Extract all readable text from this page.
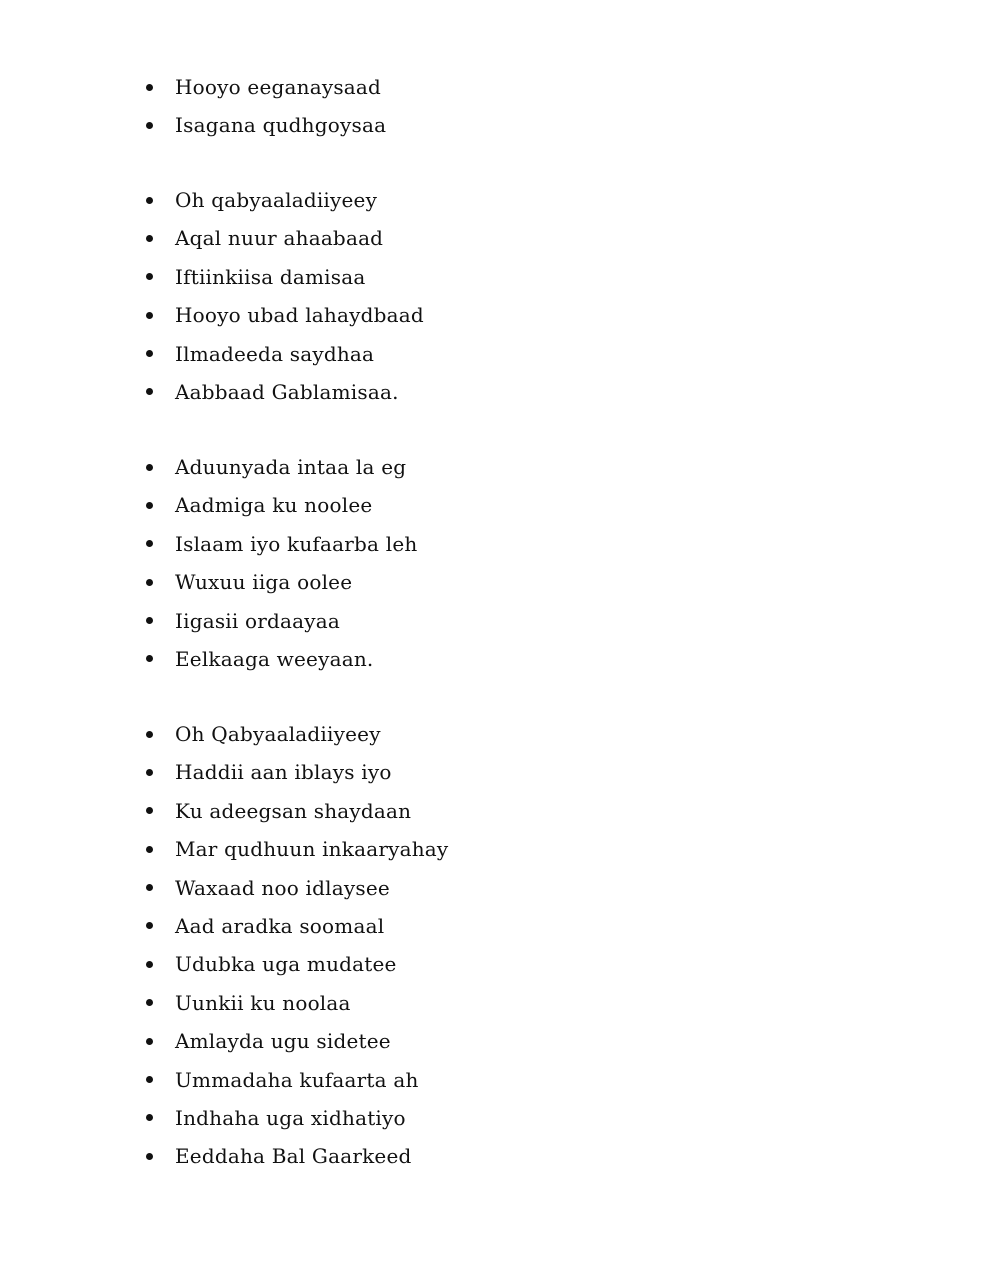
Hooyo eeganaysaad
Isagana qudhgoysaa
Oh qabyaaladiiyeey
Aqal nuur ahaabaad
Iftiinkiisa damisaa
Hooyo ubad lahaydbaad
Ilmadeeda saydhaa
Aabbaad Gablamisaa.
Aduunyada intaa la eg
Aadmiga ku noolee
Islaam iyo kufaarba leh
Wuxuu iiga oolee
Iigasii ordaayaa
Eelkaaga weeyaan.
Oh Qabyaaladiiyeey
Haddii aan iblays iyo
Ku adeegsan shaydaan
Mar qudhuun inkaaryahay
Waxaad noo idlaysee
Aad aradka soomaal
Udubka uga mudatee
Uunkii ku noolaa
Amlayda ugu sidetee
Ummadaha kufaarta ah
Indhaha uga xidhatiyo
Eeddaha Bal Gaarkeed
